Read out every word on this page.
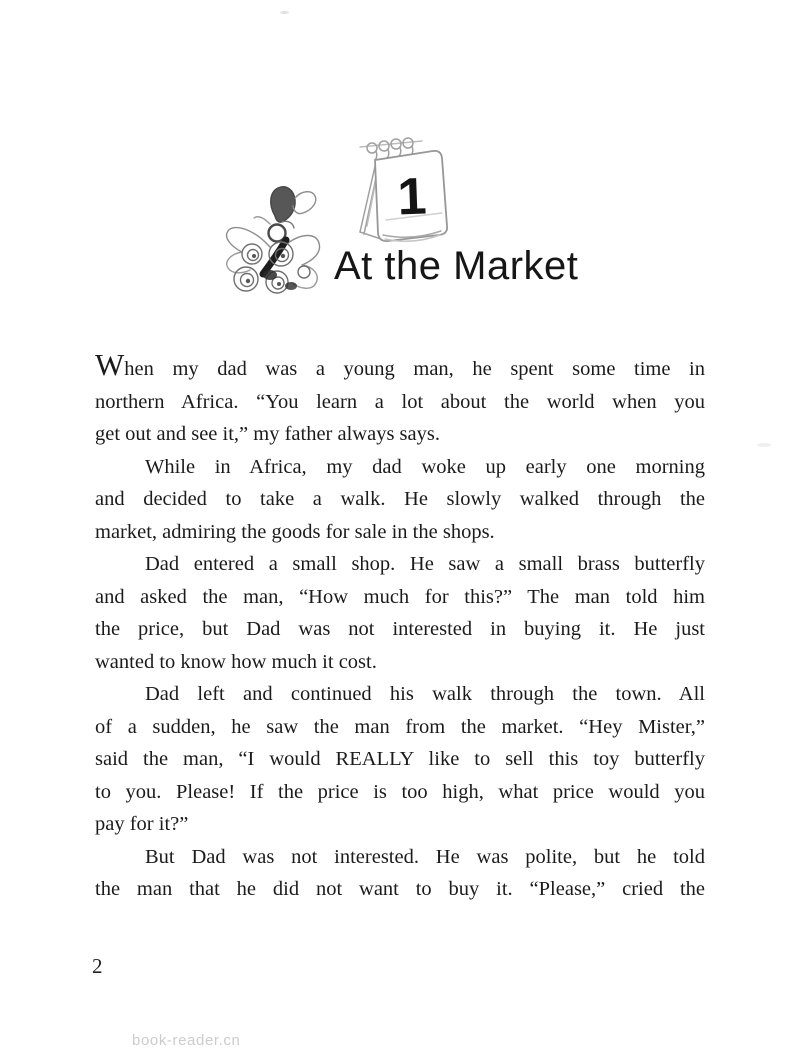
1
At the Market
When my dad was a young man, he spent some time in
northern Africa. “You learn a lot about the world when you
get out and see it,” my father always says.
While in Africa, my dad woke up early one morning
and decided to take a walk. He slowly walked through the
market, admiring the goods for sale in the shops.
Dad entered a small shop. He saw a small brass butterfly
and asked the man, “How much for this?” The man told him
the price, but Dad was not interested in buying it. He just
wanted to know how much it cost.
Dad left and continued his walk through the town. All
of a sudden, he saw the man from the market. “Hey Mister,”
said the man, “I would REALLY like to sell this toy butterfly
to you. Please! If the price is too high, what price would you
pay for it?”
But Dad was not interested. He was polite, but he told
the man that he did not want to buy it. “Please,” cried the
2
book-reader.cn
